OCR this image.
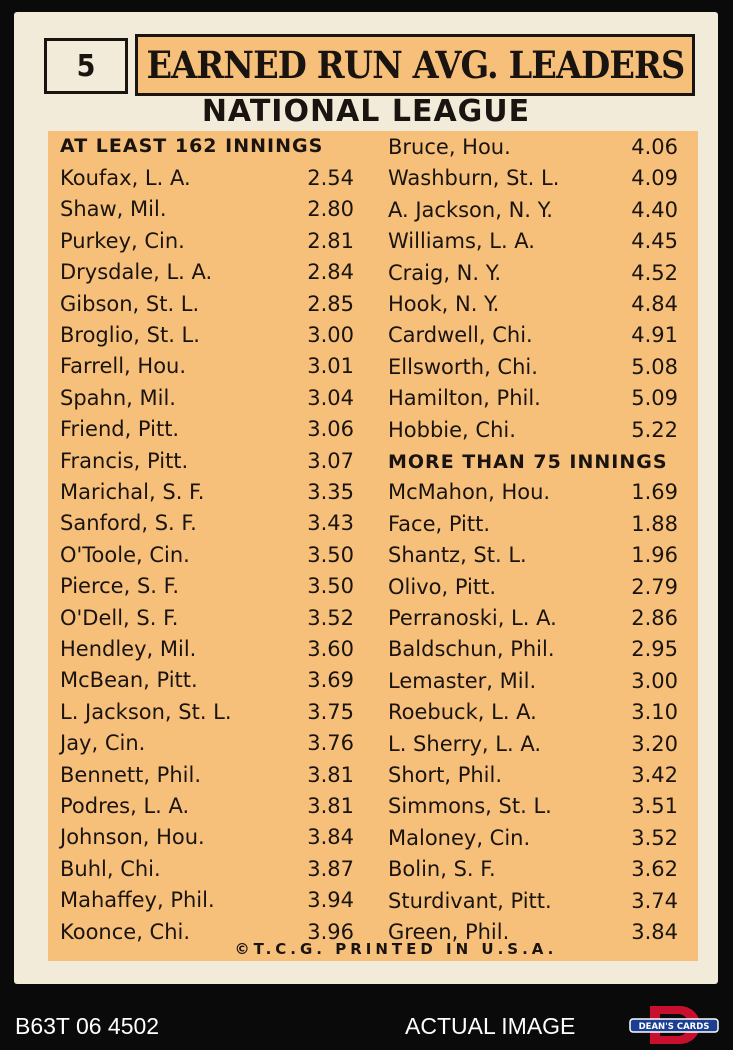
5	EARNED RUN AVG. LEADERS
NATIONAL LEAGUE
AT LEAST 162 INNINGS
Koufax, L. A.	2.54
Shaw, Mil.	2.80
Purkey, Cin.	2.81
Drysdale, L. A.	2.84
Gibson, St. L.	2.85
Broglio, St. L.	3.00
Farrell, Hou.	3.01
Spahn, Mil.	3.04
Friend, Pitt.	3.06
Francis, Pitt.	3.07
Marichal, S. F.	3.35
Sanford, S. F.	3.43
O'Toole, Cin.	3.50
Pierce, S. F.	3.50
O'Dell, S. F.	3.52
Hendley, Mil.	3.60
McBean, Pitt.	3.69
L. Jackson, St. L.	3.75
Jay, Cin.	3.76
Bennett, Phil.	3.81
Podres, L. A.	3.81
Johnson, Hou.	3.84
Buhl, Chi.	3.87
Mahaffey, Phil.	3.94
Koonce, Chi.	3.96
Bruce, Hou.	4.06
Washburn, St. L.	4.09
A. Jackson, N. Y.	4.40
Williams, L. A.	4.45
Craig, N. Y.	4.52
Hook, N. Y.	4.84
Cardwell, Chi.	4.91
Ellsworth, Chi.	5.08
Hamilton, Phil.	5.09
Hobbie, Chi.	5.22
MORE THAN 75 INNINGS
McMahon, Hou.	1.69
Face, Pitt.	1.88
Shantz, St. L.	1.96
Olivo, Pitt.	2.79
Perranoski, L. A.	2.86
Baldschun, Phil.	2.95
Lemaster, Mil.	3.00
Roebuck, L. A.	3.10
L. Sherry, L. A.	3.20
Short, Phil.	3.42
Simmons, St. L.	3.51
Maloney, Cin.	3.52
Bolin, S. F.	3.62
Sturdivant, Pitt.	3.74
Green, Phil.	3.84
©T.C.G. PRINTED IN U.S.A.
B63T 06 4502	ACTUAL IMAGE	DEAN'S CARDS
